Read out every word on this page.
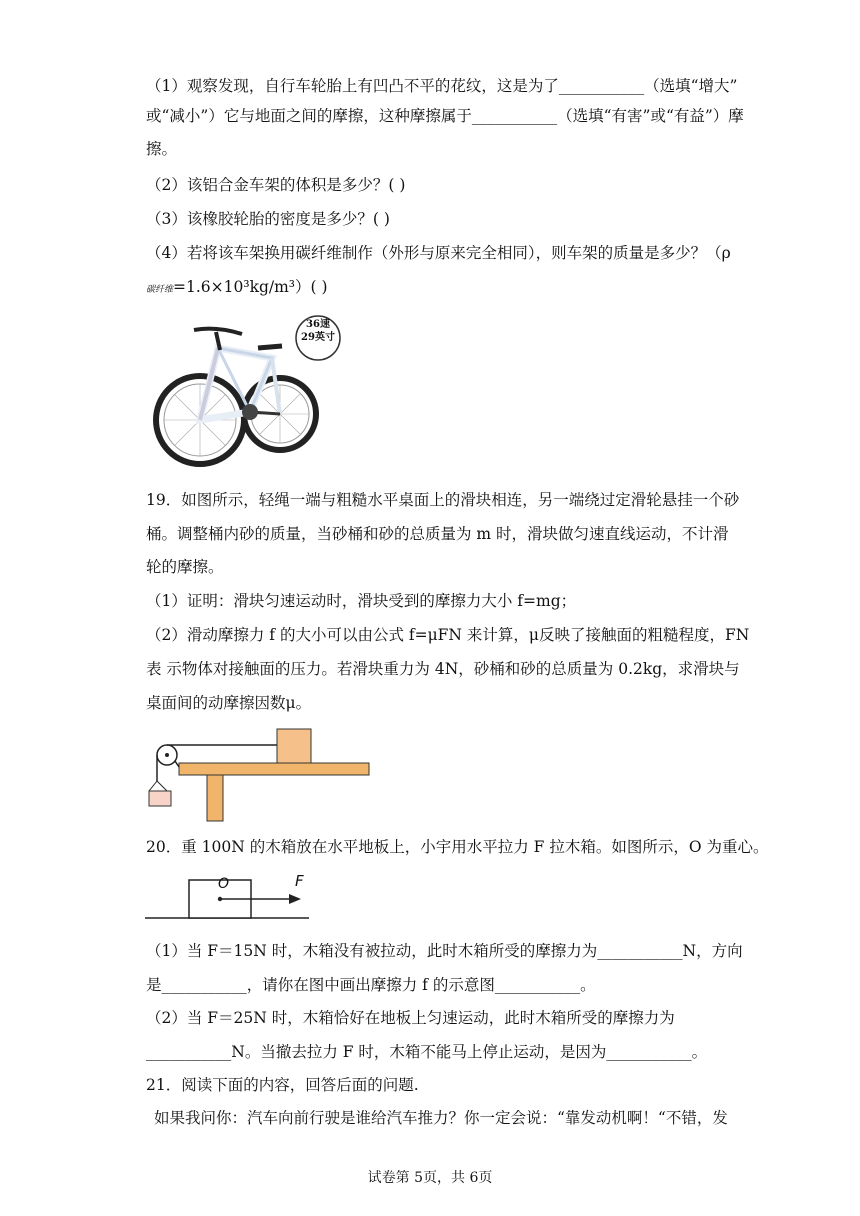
（1）观察发现，自行车轮胎上有凹凸不平的花纹，这是为了___________（选填“增大”
或“减小”）它与地面之间的摩擦，这种摩擦属于___________（选填“有害”或“有益”）摩
擦。
（2）该铝合金车架的体积是多少？( )
（3）该橡胶轮胎的密度是多少？( )
（4）若将该车架换用碳纤维制作（外形与原来完全相同），则车架的质量是多少？（ρ
碳纤维=1.6×10³kg/m³）( )
36速
29英寸
19．如图所示，轻绳一端与粗糙水平桌面上的滑块相连，另一端绕过定滑轮悬挂一个砂
桶。调整桶内砂的质量，当砂桶和砂的总质量为 m 时，滑块做匀速直线运动，不计滑
轮的摩擦。
（1）证明：滑块匀速运动时，滑块受到的摩擦力大小 f=mg；
（2）滑动摩擦力 f 的大小可以由公式 f=μFN 来计算，μ反映了接触面的粗糙程度，FN
表 示物体对接触面的压力。若滑块重力为 4N，砂桶和砂的总质量为 0.2kg，求滑块与
桌面间的动摩擦因数μ。
20．重 100N 的木箱放在水平地板上，小宇用水平拉力 F 拉木箱。如图所示，O 为重心。
O	F
（1）当 F＝15N 时，木箱没有被拉动，此时木箱所受的摩擦力为___________N，方向
是___________，请你在图中画出摩擦力 f 的示意图___________。
（2）当 F＝25N 时，木箱恰好在地板上匀速运动，此时木箱所受的摩擦力为
___________N。当撤去拉力 F 时，木箱不能马上停止运动，是因为___________。
21．阅读下面的内容，回答后面的问题.
如果我问你：汽车向前行驶是谁给汽车推力？你一定会说：“靠发动机啊！“不错，发
试卷第 5页，共 6页
